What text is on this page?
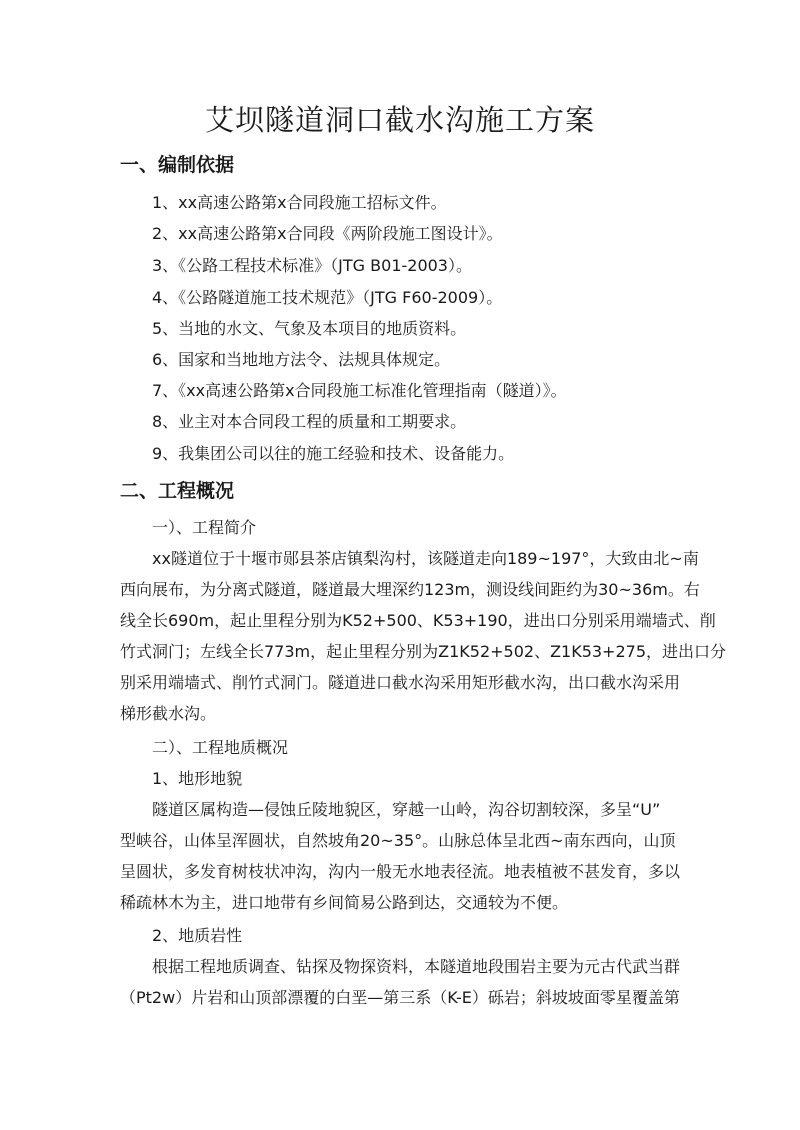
艾坝隧道洞口截水沟施工方案
一、编制依据
1、xx高速公路第x合同段施工招标文件。
2、xx高速公路第x合同段《两阶段施工图设计》。
3、《公路工程技术标准》（JTG B01-2003）。
4、《公路隧道施工技术规范》（JTG F60-2009）。
5、当地的水文、气象及本项目的地质资料。
6、国家和当地地方法令、法规具体规定。
7、《xx高速公路第x合同段施工标准化管理指南（隧道）》。
8、业主对本合同段工程的质量和工期要求。
9、我集团公司以往的施工经验和技术、设备能力。
二、工程概况
一）、工程简介
xx隧道位于十堰市郧县茶店镇梨沟村，该隧道走向189~197°，大致由北~南
西向展布，为分离式隧道，隧道最大埋深约123m，测设线间距约为30~36m。右
线全长690m，起止里程分别为K52+500、K53+190，进出口分别采用端墙式、削
竹式洞门；左线全长773m，起止里程分别为Z1K52+502、Z1K53+275，进出口分
别采用端墙式、削竹式洞门。隧道进口截水沟采用矩形截水沟，出口截水沟采用
梯形截水沟。
二）、工程地质概况
1、地形地貌
隧道区属构造—侵蚀丘陵地貌区，穿越一山岭，沟谷切割较深，多呈“U”
型峡谷，山体呈浑圆状，自然坡角20~35°。山脉总体呈北西~南东西向，山顶
呈圆状，多发育树枝状冲沟，沟内一般无水地表径流。地表植被不甚发育，多以
稀疏林木为主，进口地带有乡间简易公路到达，交通较为不便。
2、地质岩性
根据工程地质调查、钻探及物探资料，本隧道地段围岩主要为元古代武当群
（Pt2w）片岩和山顶部漂覆的白垩—第三系（K-E）砾岩；斜坡坡面零星覆盖第
